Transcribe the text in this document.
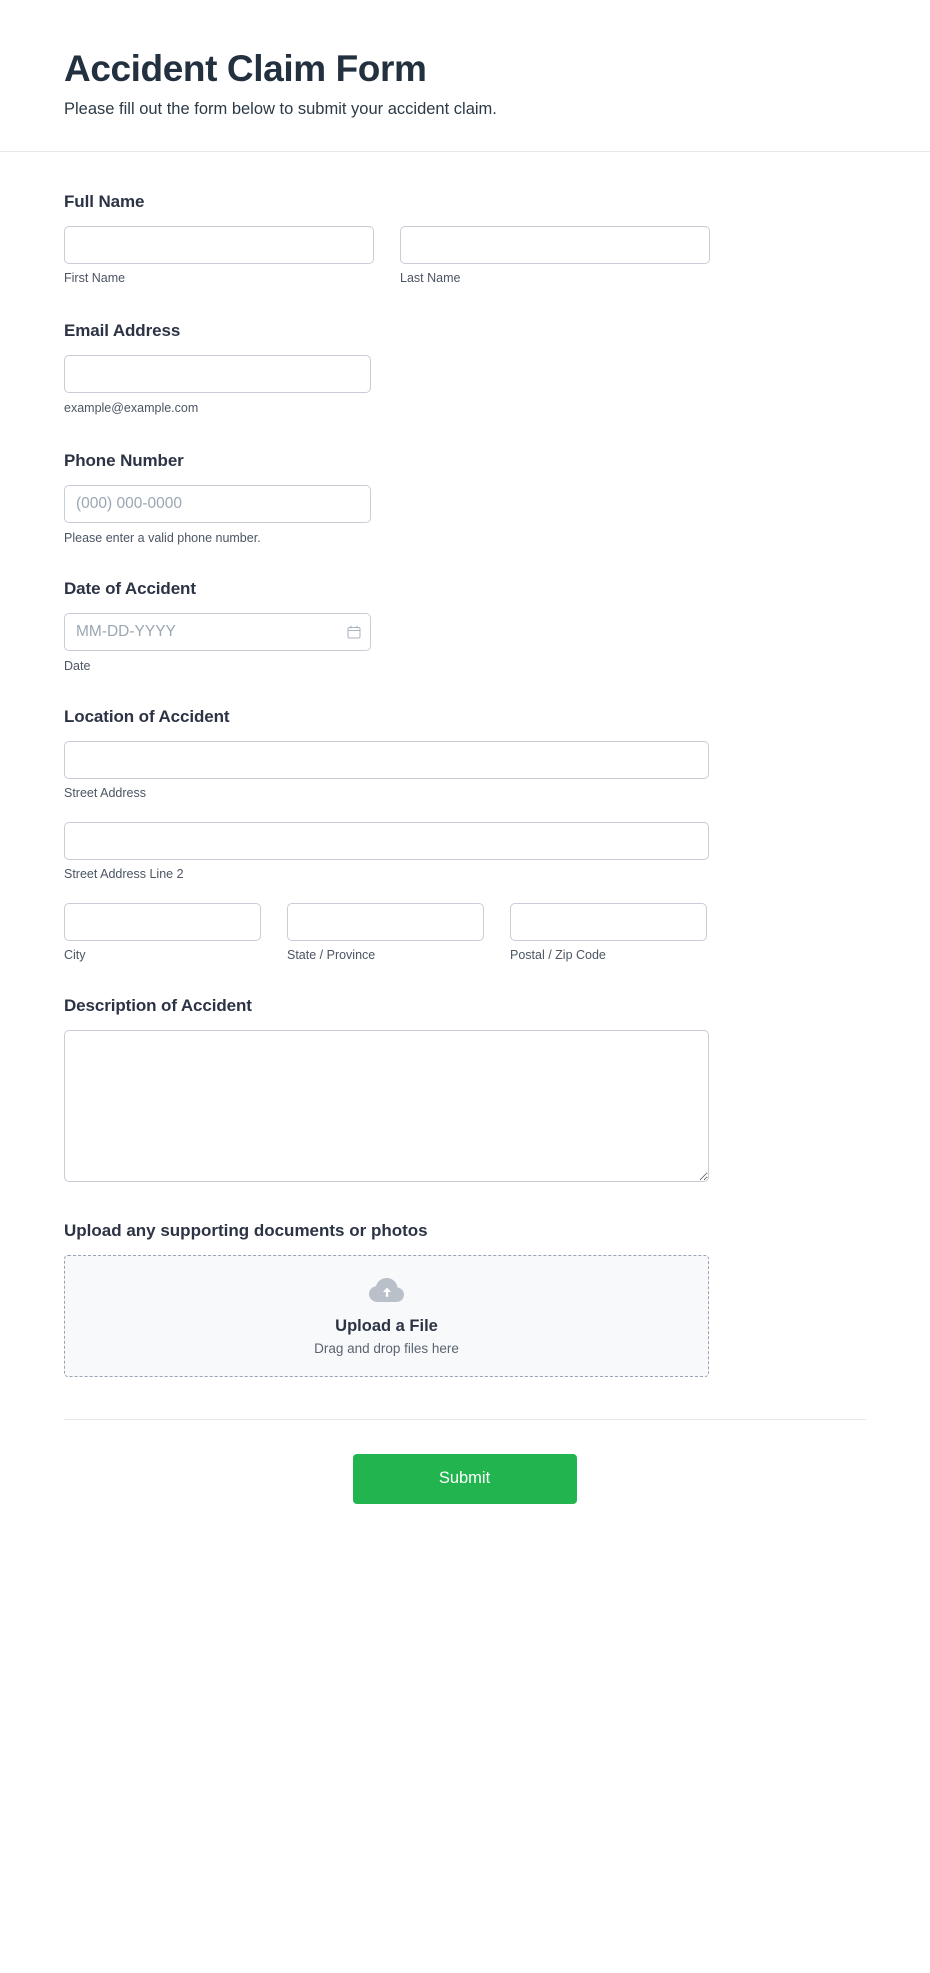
Accident Claim Form

Please fill out the form below to submit your accident claim.

Full Name
First Name	Last Name
Email Address
example@example.com
Phone Number
(000) 000-0000
Please enter a valid phone number.
Date of Accident
MM-DD-YYYY
Date
Location of Accident
Street Address
Street Address Line 2
City	State / Province	Postal / Zip Code
Description of Accident
Upload any supporting documents or photos
Upload a File
Drag and drop files here
Submit
